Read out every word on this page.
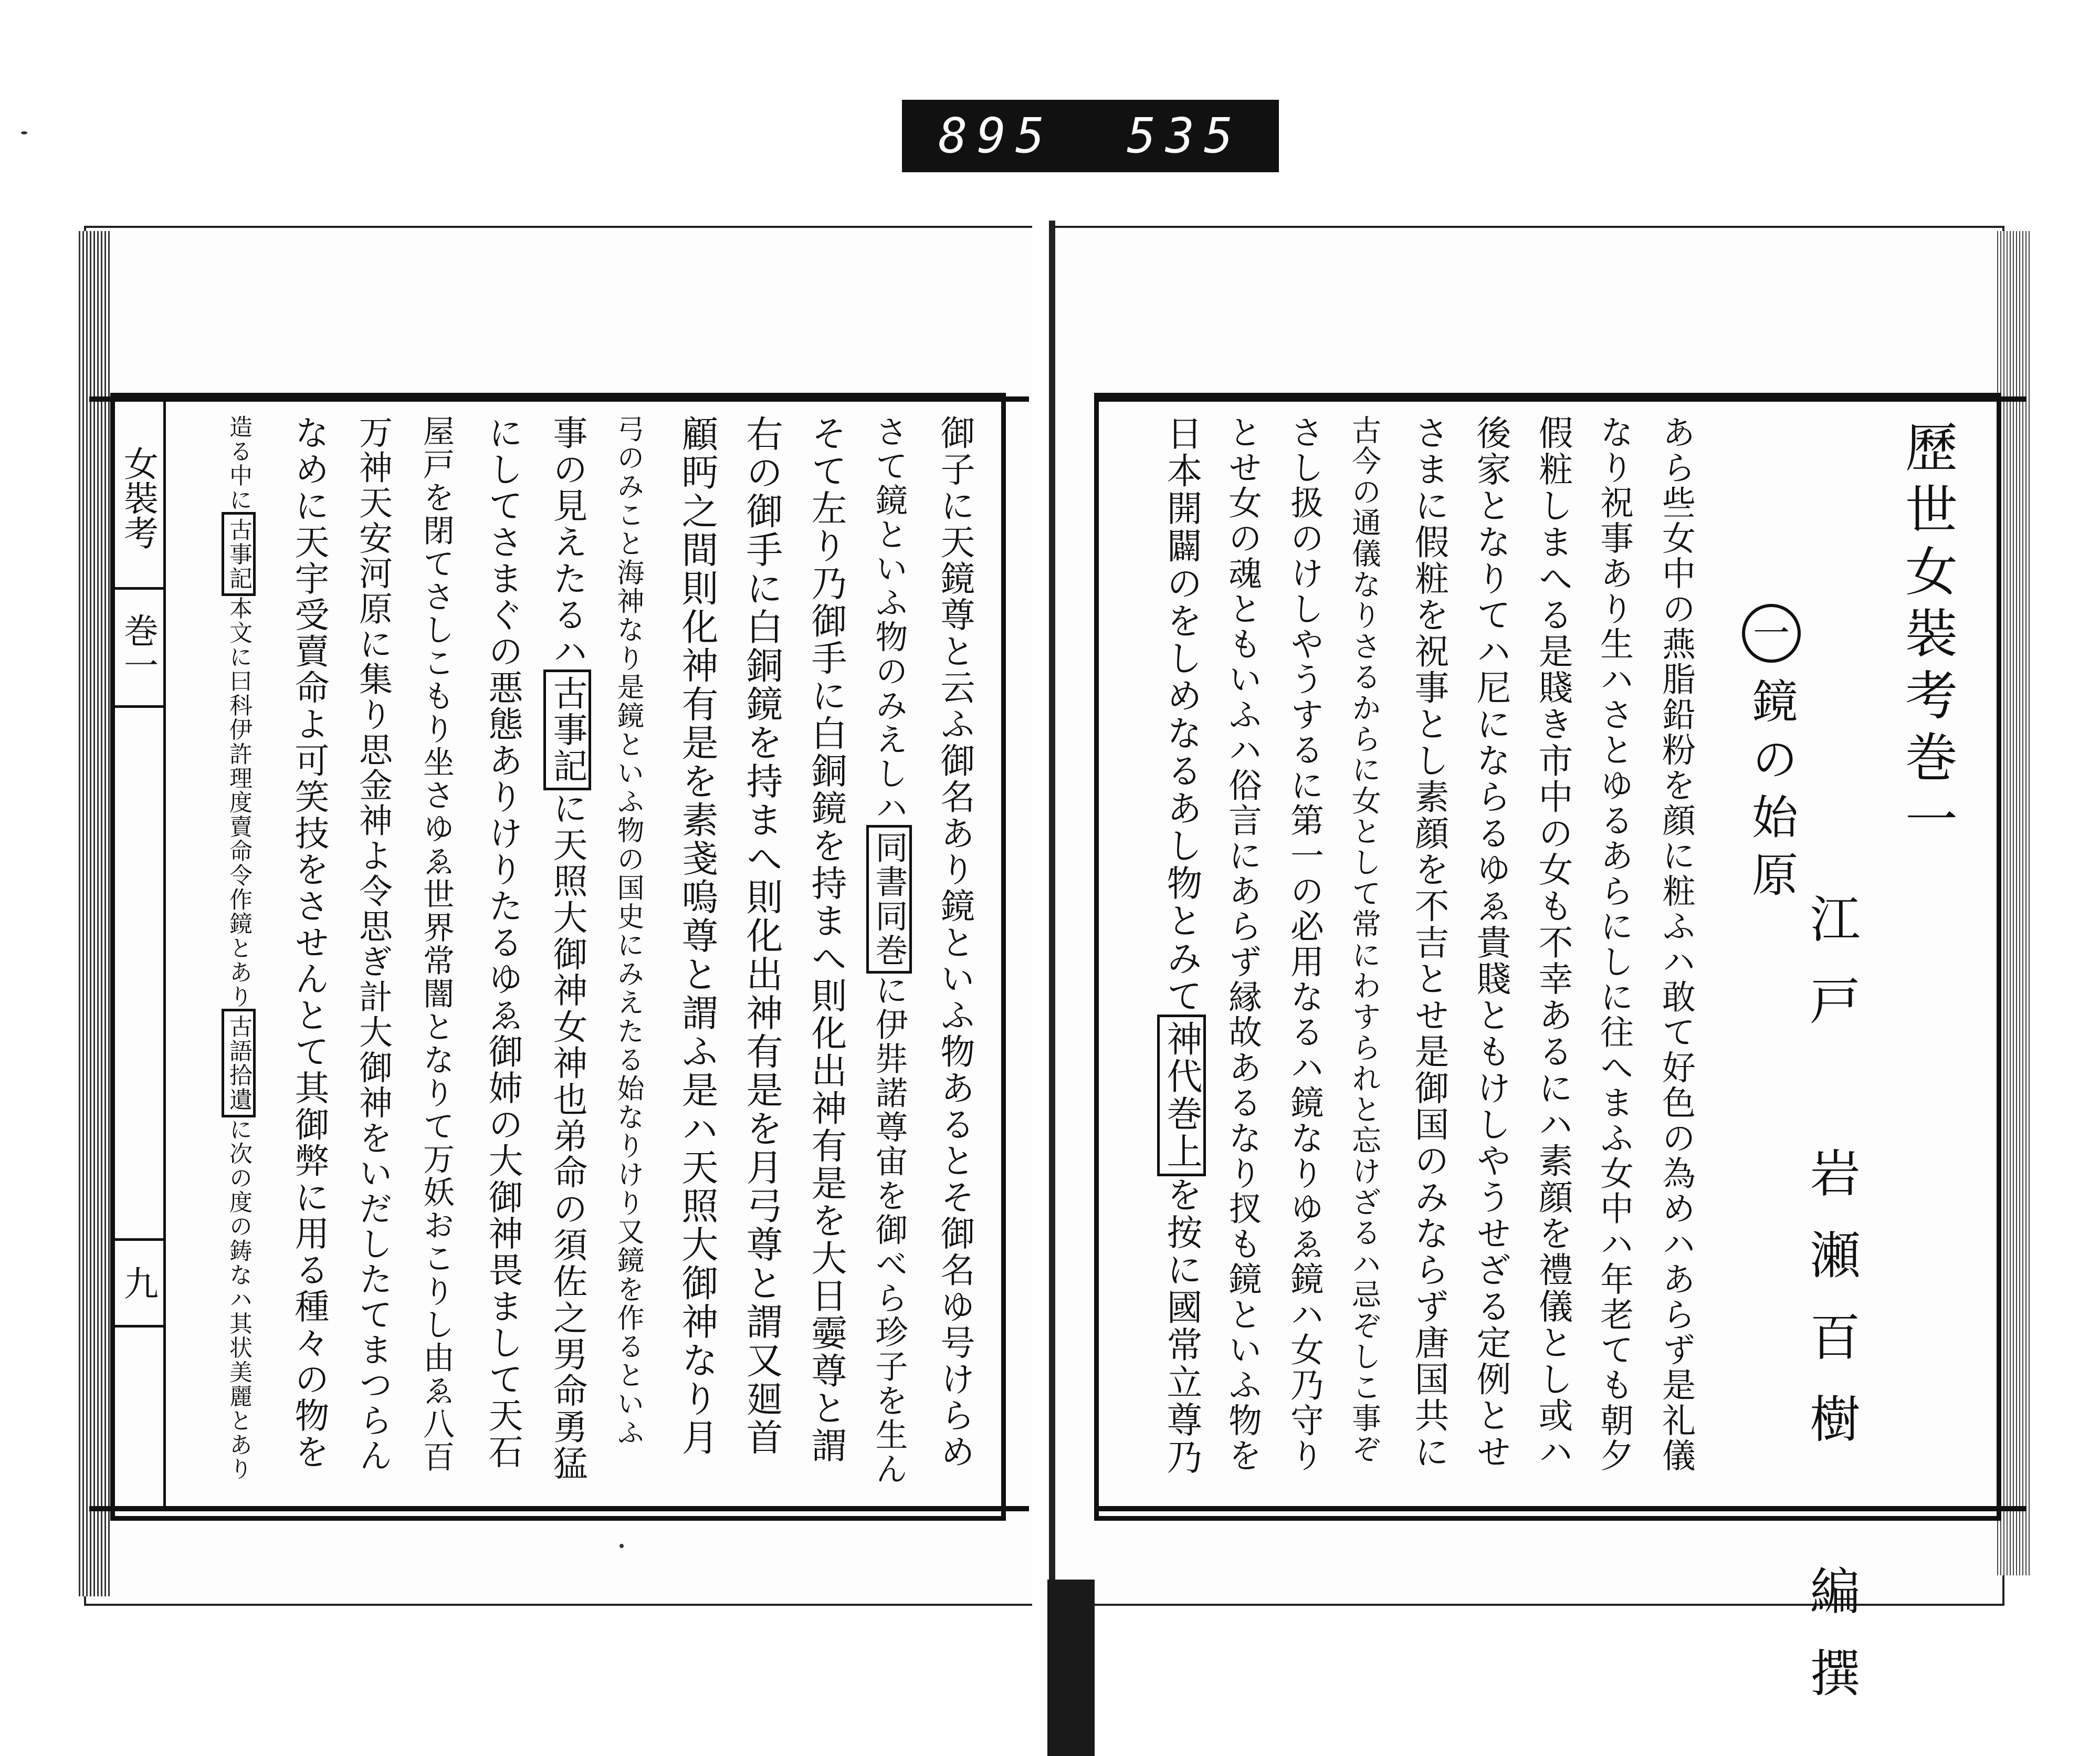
895 535
女裝考
巻一
九
歷世女裝考巻一
江戸 岩瀬百樹 編撰
一
鏡の始原
あら些女中の燕脂鉛粉を顔に粧ふハ敢て好色の為めハあらず是礼儀
なり祝事あり生ハさとゆるあらにしに往へまふ女中ハ年老ても朝夕
假粧しまへる是賤き市中の女も不幸あるにハ素顔を禮儀とし或ハ
後家となりてハ尼にならるゆゑ貴賤ともけしやうせざる定例とせ
さまに假粧を祝事とし素顔を不吉とせ是御国のみならず唐国共に
古今の通儀なりさるからに女として常にわすられと忘けざるハ忌ぞしこ事ぞ
さし扱のけしやうするに第一の必用なるハ鏡なりゆゑ鏡ハ女乃守り
とせ女の魂ともいふハ俗言にあらず縁故あるなり扠も鏡といふ物を
日本開闢のをしめなるあし物とみて神代巻上を按に國常立尊乃
御子に天鏡尊と云ふ御名あり鏡といふ物あるとそ御名ゆ号けらめ
さて鏡といふ物のみえしハ同書同巻に伊弉諾尊宙を御べら珍子を生ん
そて左り乃御手に白銅鏡を持まへ則化出神有是を大日孁尊と謂
右の御手に白銅鏡を持まへ則化出神有是を月弓尊と謂又廻首
顧眄之間則化神有是を素戔嗚尊と謂ふ是ハ天照大御神なり月
弓のみこと海神なり是鏡といふ物の国史にみえたる始なりけり又鏡を作るといふ
事の見えたるハ古事記に天照大御神女神也弟命の須佐之男命勇猛
にしてさまぐの悪態ありけりたるゆゑ御姉の大御神畏まして天石
屋戸を閉てさしこもり坐さゆゑ世界常闇となりて万妖おこりし由ゑ八百
万神天安河原に集り思金神よ令思ぎ計大御神をいだしたてまつらん
なめに天宇受賣命よ可笑技をさせんとて其御弊に用る種々の物を
造る中に古事記本文に曰科伊許理度賣命令作鏡とあり古語拾遺に次の度の鋳なハ其状美麗とあり
